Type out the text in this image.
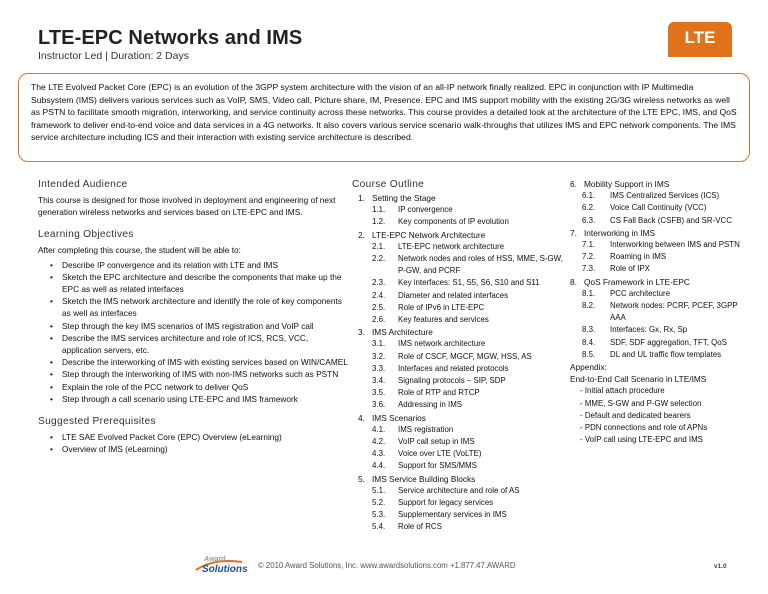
LTE-EPC Networks and IMS
Instructor Led | Duration: 2 Days
LTE
The LTE Evolved Packet Core (EPC) is an evolution of the 3GPP system architecture with the vision of an all-IP network finally realized. EPC in conjunction with IP Multimedia Subsystem (IMS) delivers various services such as VoIP, SMS, Video call, Picture share, IM, Presence. EPC and IMS support mobility with the existing 2G/3G wireless networks as well as PSTN to facilitate smooth migration, interworking, and service continuity across these networks. This course provides a detailed look at the architecture of the LTE EPC, IMS, and QoS framework to deliver end-to-end voice and data services in a 4G networks. It also covers various service scenario walk-throughs that utilizes IMS and EPC network components. The IMS service architecture including ICS and their interaction with existing service architecture is described.
Intended Audience
This course is designed for those involved in deployment and engineering of next generation wireless networks and services based on LTE-EPC and IMS.
Learning Objectives
After completing this course, the student will be able to:
• Describe IP convergence and its relation with LTE and IMS
• Sketch the EPC architecture and describe the components that make up the EPC as well as related interfaces
• Sketch the IMS network architecture and identify the role of key components as well as interfaces
• Step through the key IMS scenarios of IMS registration and VoIP call
• Describe the IMS services architecture and role of ICS, RCS, VCC, application servers, etc.
• Describe the interworking of IMS with existing services based on WIN/CAMEL
• Step through the interworking of IMS with non-IMS networks such as PSTN
• Explain the role of the PCC network to deliver QoS
• Step through a call scenario using LTE-EPC and IMS framework
Suggested Prerequisites
• LTE SAE Evolved Packet Core (EPC) Overview (eLearning)
• Overview of IMS (eLearning)
Course Outline
1. Setting the Stage
1.1. IP convergence
1.2. Key components of IP evolution
2. LTE-EPC Network Architecture
2.1. LTE-EPC network architecture
2.2. Network nodes and roles of HSS, MME, S-GW, P-GW, and PCRF
2.3. Key interfaces: S1, S5, S6, S10 and S11
2.4. Diameter and related interfaces
2.5. Role of IPv6 in LTE-EPC
2.6. Key features and services
3. IMS Architecture
3.1. IMS network architecture
3.2. Role of CSCF, MGCF, MGW, HSS, AS
3.3. Interfaces and related protocols
3.4. Signaling protocols – SIP, SDP
3.5. Role of RTP and RTCP
3.6. Addressing in IMS
4. IMS Scenarios
4.1. IMS registration
4.2. VoIP call setup in IMS
4.3. Voice over LTE (VoLTE)
4.4. Support for SMS/MMS
5. IMS Service Building Blocks
5.1. Service architecture and role of AS
5.2. Support for legacy services
5.3. Supplementary services in IMS
5.4. Role of RCS
6. Mobility Support in IMS
6.1. IMS Centralized Services (ICS)
6.2. Voice Call Continuity (VCC)
6.3. CS Fall Back (CSFB) and SR-VCC
7. Interworking in IMS
7.1. Interworking between IMS and PSTN
7.2. Roaming in IMS
7.3. Role of IPX
8. QoS Framework in LTE-EPC
8.1. PCC architecture
8.2. Network nodes: PCRF, PCEF, 3GPP AAA
8.3. Interfaces: Gx, Rx, Sp
8.4. SDF, SDF aggregation, TFT, QoS
8.5. DL and UL traffic flow templates
Appendix:
End-to-End Call Scenario in LTE/IMS
- Initial attach procedure
- MME, S-GW and P-GW selection
- Default and dedicated bearers
- PDN connections and role of APNs
- VoIP call using LTE-EPC and IMS
Award
Solutions © 2010 Award Solutions, Inc. www.awardsolutions.com +1.877.47.AWARD	v1.0
